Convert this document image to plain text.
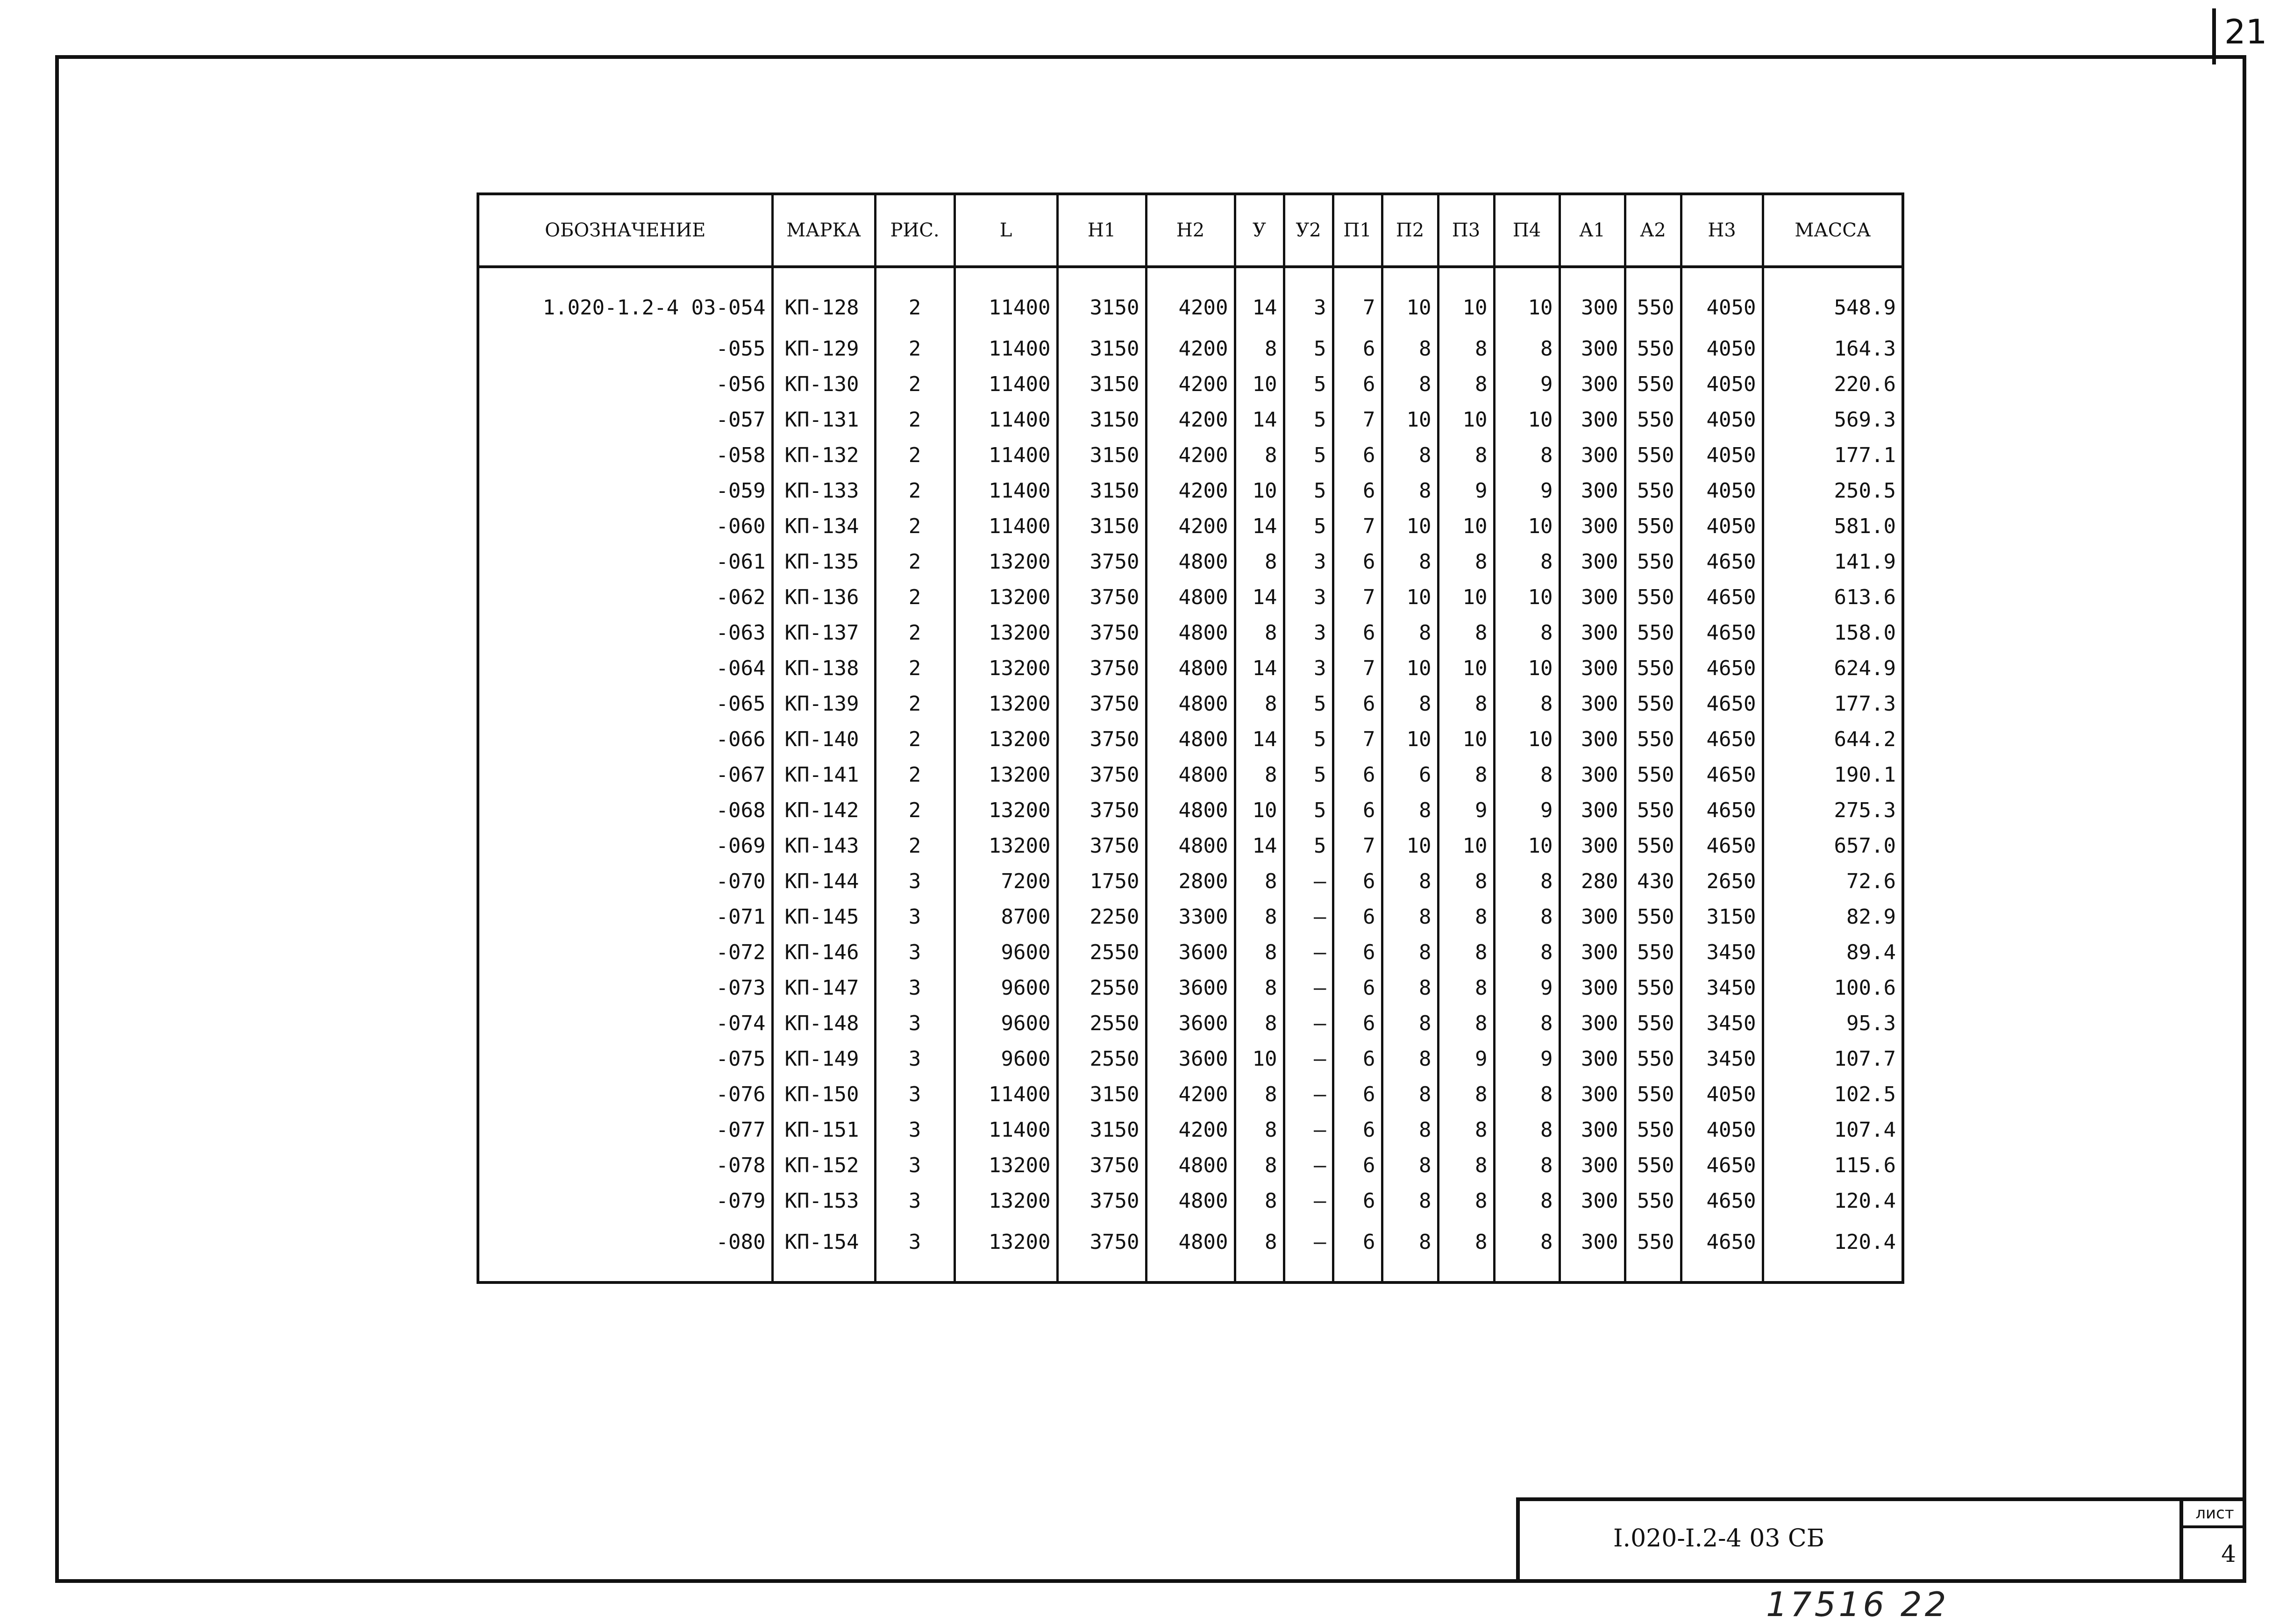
21
ОБОЗНАЧЕНИЕ	МАРКА	РИС.	L	Н1	Н2	У	У2	П1	П2	П3	П4	А1	А2	Н3	МАССА
1.020-1.2-4 03-054	КП-128	2	11400	3150	4200	14	3	7	10	10	10	300	550	4050	548.9
-055	КП-129	2	11400	3150	4200	8	5	6	8	8	8	300	550	4050	164.3
-056	КП-130	2	11400	3150	4200	10	5	6	8	8	9	300	550	4050	220.6
-057	КП-131	2	11400	3150	4200	14	5	7	10	10	10	300	550	4050	569.3
-058	КП-132	2	11400	3150	4200	8	5	6	8	8	8	300	550	4050	177.1
-059	КП-133	2	11400	3150	4200	10	5	6	8	9	9	300	550	4050	250.5
-060	КП-134	2	11400	3150	4200	14	5	7	10	10	10	300	550	4050	581.0
-061	КП-135	2	13200	3750	4800	8	3	6	8	8	8	300	550	4650	141.9
-062	КП-136	2	13200	3750	4800	14	3	7	10	10	10	300	550	4650	613.6
-063	КП-137	2	13200	3750	4800	8	3	6	8	8	8	300	550	4650	158.0
-064	КП-138	2	13200	3750	4800	14	3	7	10	10	10	300	550	4650	624.9
-065	КП-139	2	13200	3750	4800	8	5	6	8	8	8	300	550	4650	177.3
-066	КП-140	2	13200	3750	4800	14	5	7	10	10	10	300	550	4650	644.2
-067	КП-141	2	13200	3750	4800	8	5	6	6	8	8	300	550	4650	190.1
-068	КП-142	2	13200	3750	4800	10	5	6	8	9	9	300	550	4650	275.3
-069	КП-143	2	13200	3750	4800	14	5	7	10	10	10	300	550	4650	657.0
-070	КП-144	3	7200	1750	2800	8	–	6	8	8	8	280	430	2650	72.6
-071	КП-145	3	8700	2250	3300	8	–	6	8	8	8	300	550	3150	82.9
-072	КП-146	3	9600	2550	3600	8	–	6	8	8	8	300	550	3450	89.4
-073	КП-147	3	9600	2550	3600	8	–	6	8	8	9	300	550	3450	100.6
-074	КП-148	3	9600	2550	3600	8	–	6	8	8	8	300	550	3450	95.3
-075	КП-149	3	9600	2550	3600	10	–	6	8	9	9	300	550	3450	107.7
-076	КП-150	3	11400	3150	4200	8	–	6	8	8	8	300	550	4050	102.5
-077	КП-151	3	11400	3150	4200	8	–	6	8	8	8	300	550	4050	107.4
-078	КП-152	3	13200	3750	4800	8	–	6	8	8	8	300	550	4650	115.6
-079	КП-153	3	13200	3750	4800	8	–	6	8	8	8	300	550	4650	120.4
-080	КП-154	3	13200	3750	4800	8	–	6	8	8	8	300	550	4650	120.4
I.020-I.2-4 03 СБ
лист
4
17516 22
